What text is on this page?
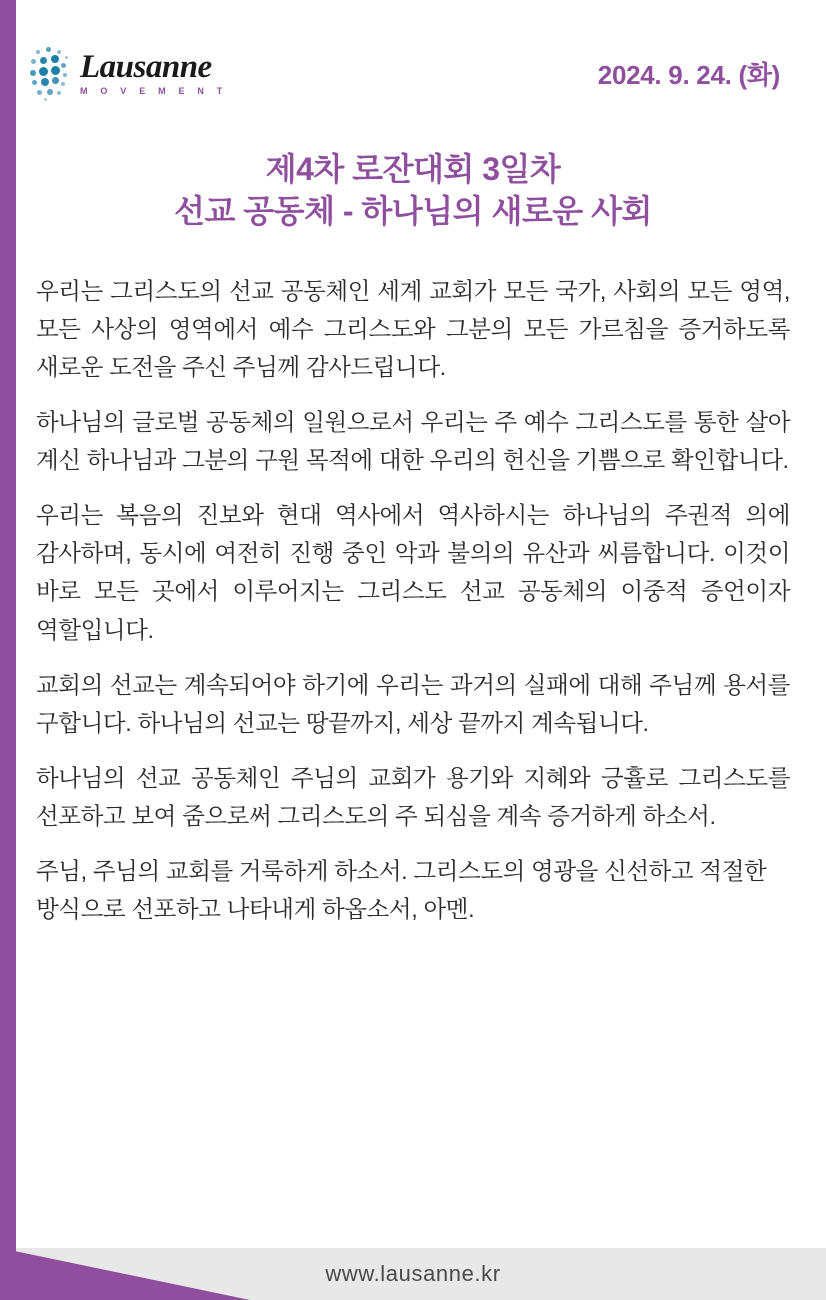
Lausanne
M O V E M E N T
2024. 9. 24. (화)
제4차 로잔대회 3일차
선교 공동체 - 하나님의 새로운 사회

우리는 그리스도의 선교 공동체인 세계 교회가 모든 국가, 사회의 모든 영역, 모든 사상의 영역에서 예수 그리스도와 그분의 모든 가르침을 증거하도록 새로운 도전을 주신 주님께 감사드립니다.

하나님의 글로벌 공동체의 일원으로서 우리는 주 예수 그리스도를 통한 살아 계신 하나님과 그분의 구원 목적에 대한 우리의 헌신을 기쁨으로 확인합니다.

우리는 복음의 진보와 현대 역사에서 역사하시는 하나님의 주권적 의에 감사하며, 동시에 여전히 진행 중인 악과 불의의 유산과 씨름합니다. 이것이 바로 모든 곳에서 이루어지는 그리스도 선교 공동체의 이중적 증언이자 역할입니다.

교회의 선교는 계속되어야 하기에 우리는 과거의 실패에 대해 주님께 용서를 구합니다. 하나님의 선교는 땅끝까지, 세상 끝까지 계속됩니다.

하나님의 선교 공동체인 주님의 교회가 용기와 지혜와 긍휼로 그리스도를 선포하고 보여 줌으로써 그리스도의 주 되심을 계속 증거하게 하소서.

주님, 주님의 교회를 거룩하게 하소서. 그리스도의 영광을 신선하고 적절한 방식으로 선포하고 나타내게 하옵소서, 아멘.

www.lausanne.kr
